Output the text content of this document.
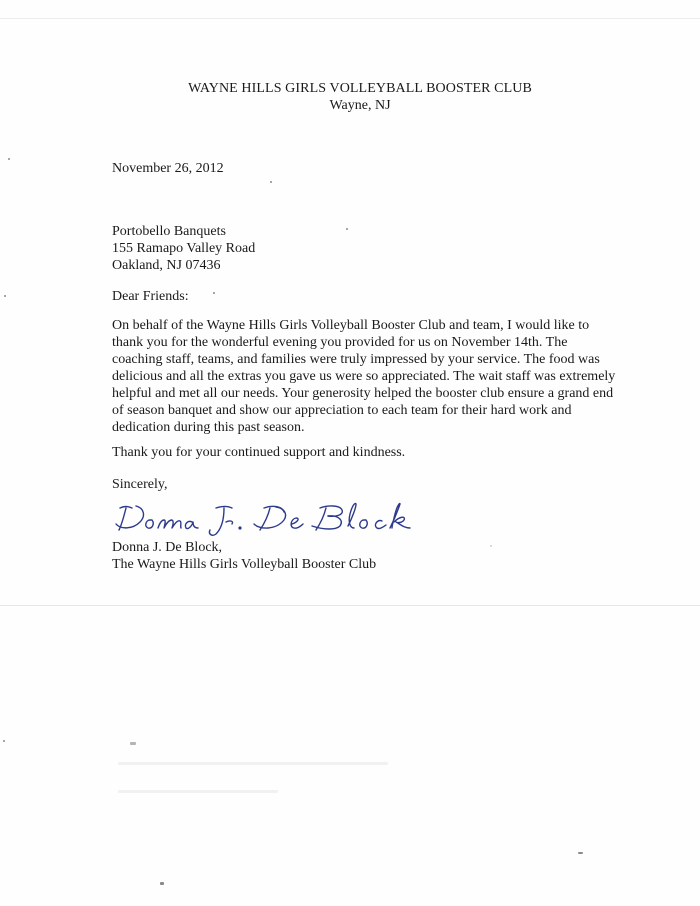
WAYNE HILLS GIRLS VOLLEYBALL BOOSTER CLUB
Wayne, NJ
November 26, 2012
Portobello Banquets
155 Ramapo Valley Road
Oakland, NJ 07436
Dear Friends:
On behalf of the Wayne Hills Girls Volleyball Booster Club and team, I would like to
thank you for the wonderful evening you provided for us on November 14th. The
coaching staff, teams, and families were truly impressed by your service. The food was
delicious and all the extras you gave us were so appreciated. The wait staff was extremely
helpful and met all our needs. Your generosity helped the booster club ensure a grand end
of season banquet and show our appreciation to each team for their hard work and
dedication during this past season.
Thank you for your continued support and kindness.
Sincerely,
Donna J. De Block,
The Wayne Hills Girls Volleyball Booster Club
